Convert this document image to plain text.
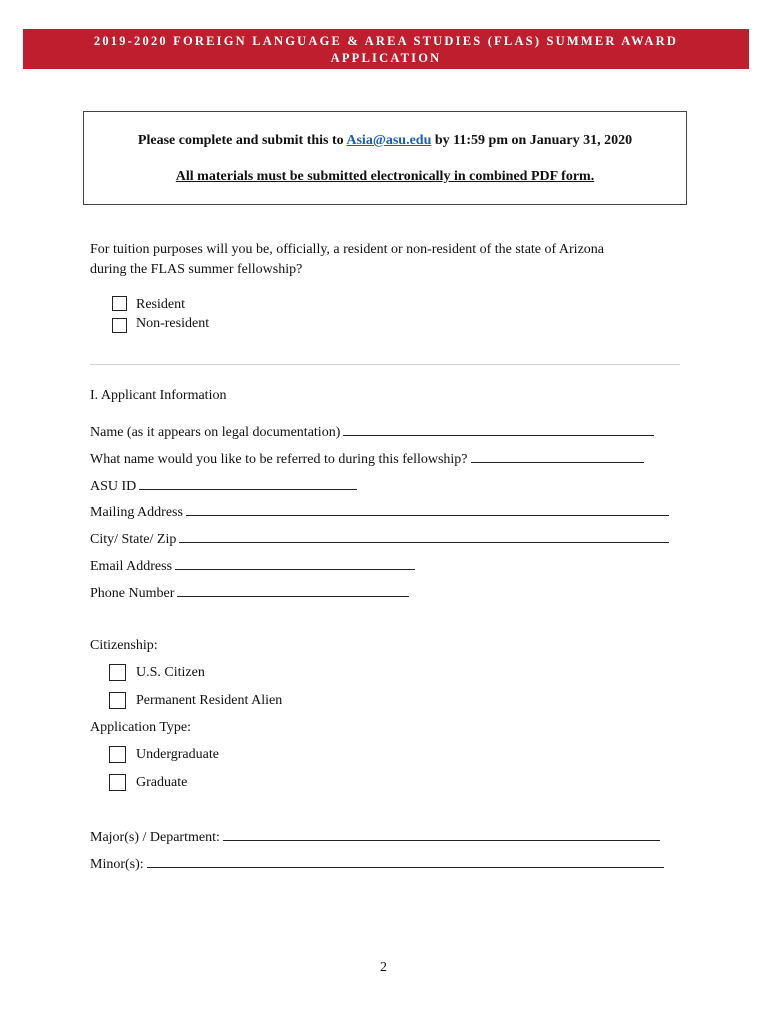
2019-2020 FOREIGN LANGUAGE & AREA STUDIES (FLAS) SUMMER AWARD
APPLICATION
Please complete and submit this to Asia@asu.edu by 11:59 pm on January 31, 2020
All materials must be submitted electronically in combined PDF form.
For tuition purposes will you be, officially, a resident or non-resident of the state of Arizona
during the FLAS summer fellowship?
Resident
Non-resident
I. Applicant Information
Name (as it appears on legal documentation)
What name would you like to be referred to during this fellowship?
ASU ID
Mailing Address
City/ State/ Zip
Email Address
Phone Number
Citizenship:
U.S. Citizen
Permanent Resident Alien
Application Type:
Undergraduate
Graduate
Major(s) / Department:
Minor(s):
2
